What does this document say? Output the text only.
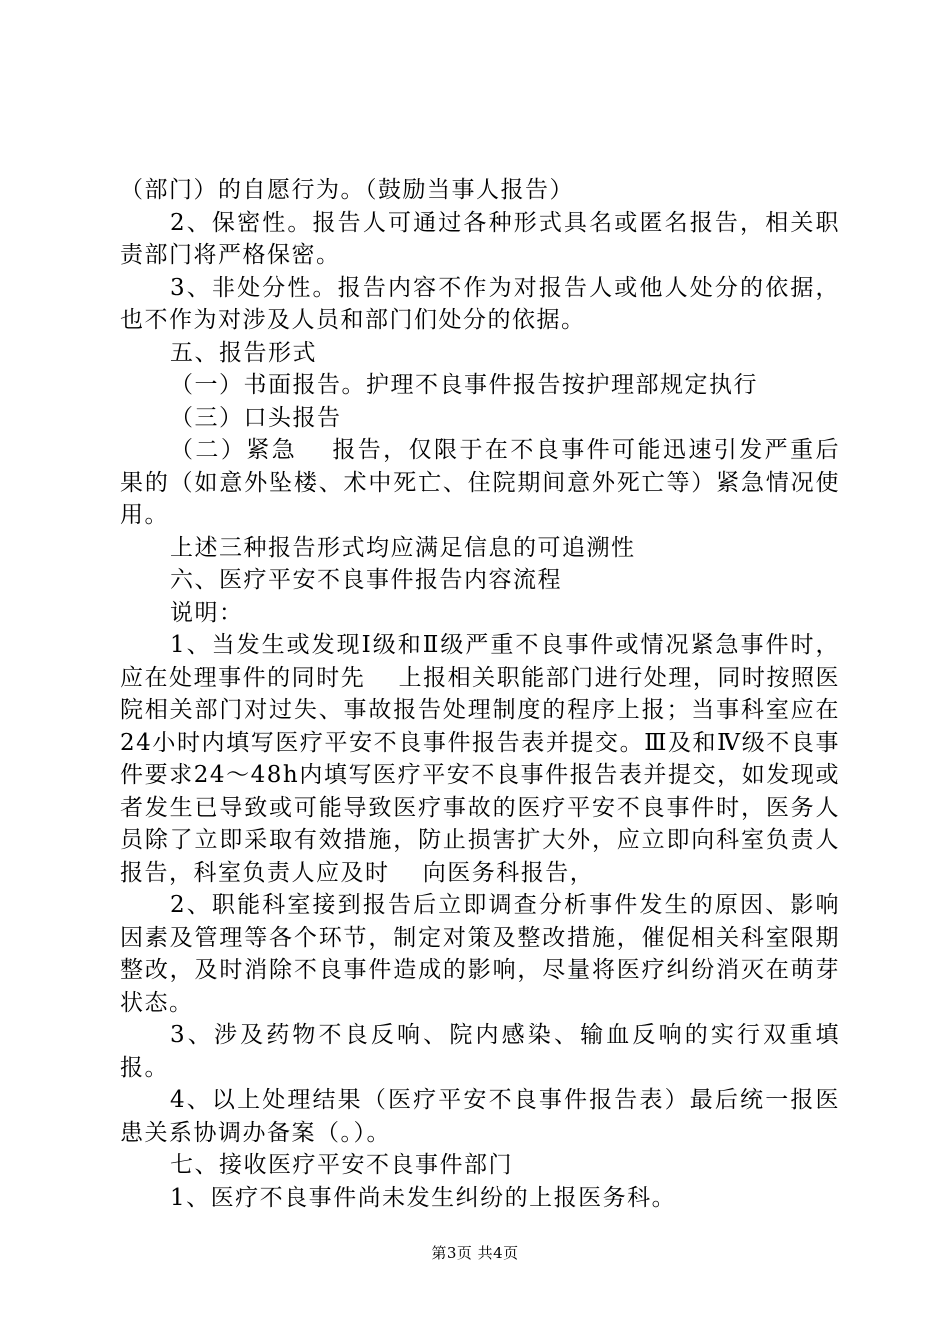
（部门）的自愿行为。（鼓励当事人报告）

2、保密性。报告人可通过各种形式具名或匿名报告，相关职责部门将严格保密。

3、非处分性。报告内容不作为对报告人或他人处分的依据，也不作为对涉及人员和部门们处分的依据。

五、报告形式

（一）书面报告。护理不良事件报告按护理部规定执行

（三）口头报告

（二）紧急　 报告，仅限于在不良事件可能迅速引发严重后果的（如意外坠楼、术中死亡、住院期间意外死亡等）紧急情况使用。

上述三种报告形式均应满足信息的可追溯性

六、医疗平安不良事件报告内容流程

说明：

1、当发生或发现Ⅰ级和Ⅱ级严重不良事件或情况紧急事件时，应在处理事件的同时先　 上报相关职能部门进行处理，同时按照医院相关部门对过失、事故报告处理制度的程序上报；当事科室应在24小时内填写医疗平安不良事件报告表并提交。Ⅲ及和Ⅳ级不良事件要求24～48h内填写医疗平安不良事件报告表并提交，如发现或者发生已导致或可能导致医疗事故的医疗平安不良事件时，医务人员除了立即采取有效措施，防止损害扩大外，应立即向科室负责人报告，科室负责人应及时　 向医务科报告，

2、职能科室接到报告后立即调查分析事件发生的原因、影响因素及管理等各个环节，制定对策及整改措施，催促相关科室限期整改，及时消除不良事件造成的影响，尽量将医疗纠纷消灭在萌芽状态。

3、涉及药物不良反响、院内感染、输血反响的实行双重填报。

4、以上处理结果（医疗平安不良事件报告表）最后统一报医患关系协调办备案（。）。

七、接收医疗平安不良事件部门

1、医疗不良事件尚未发生纠纷的上报医务科。

第3页 共4页
